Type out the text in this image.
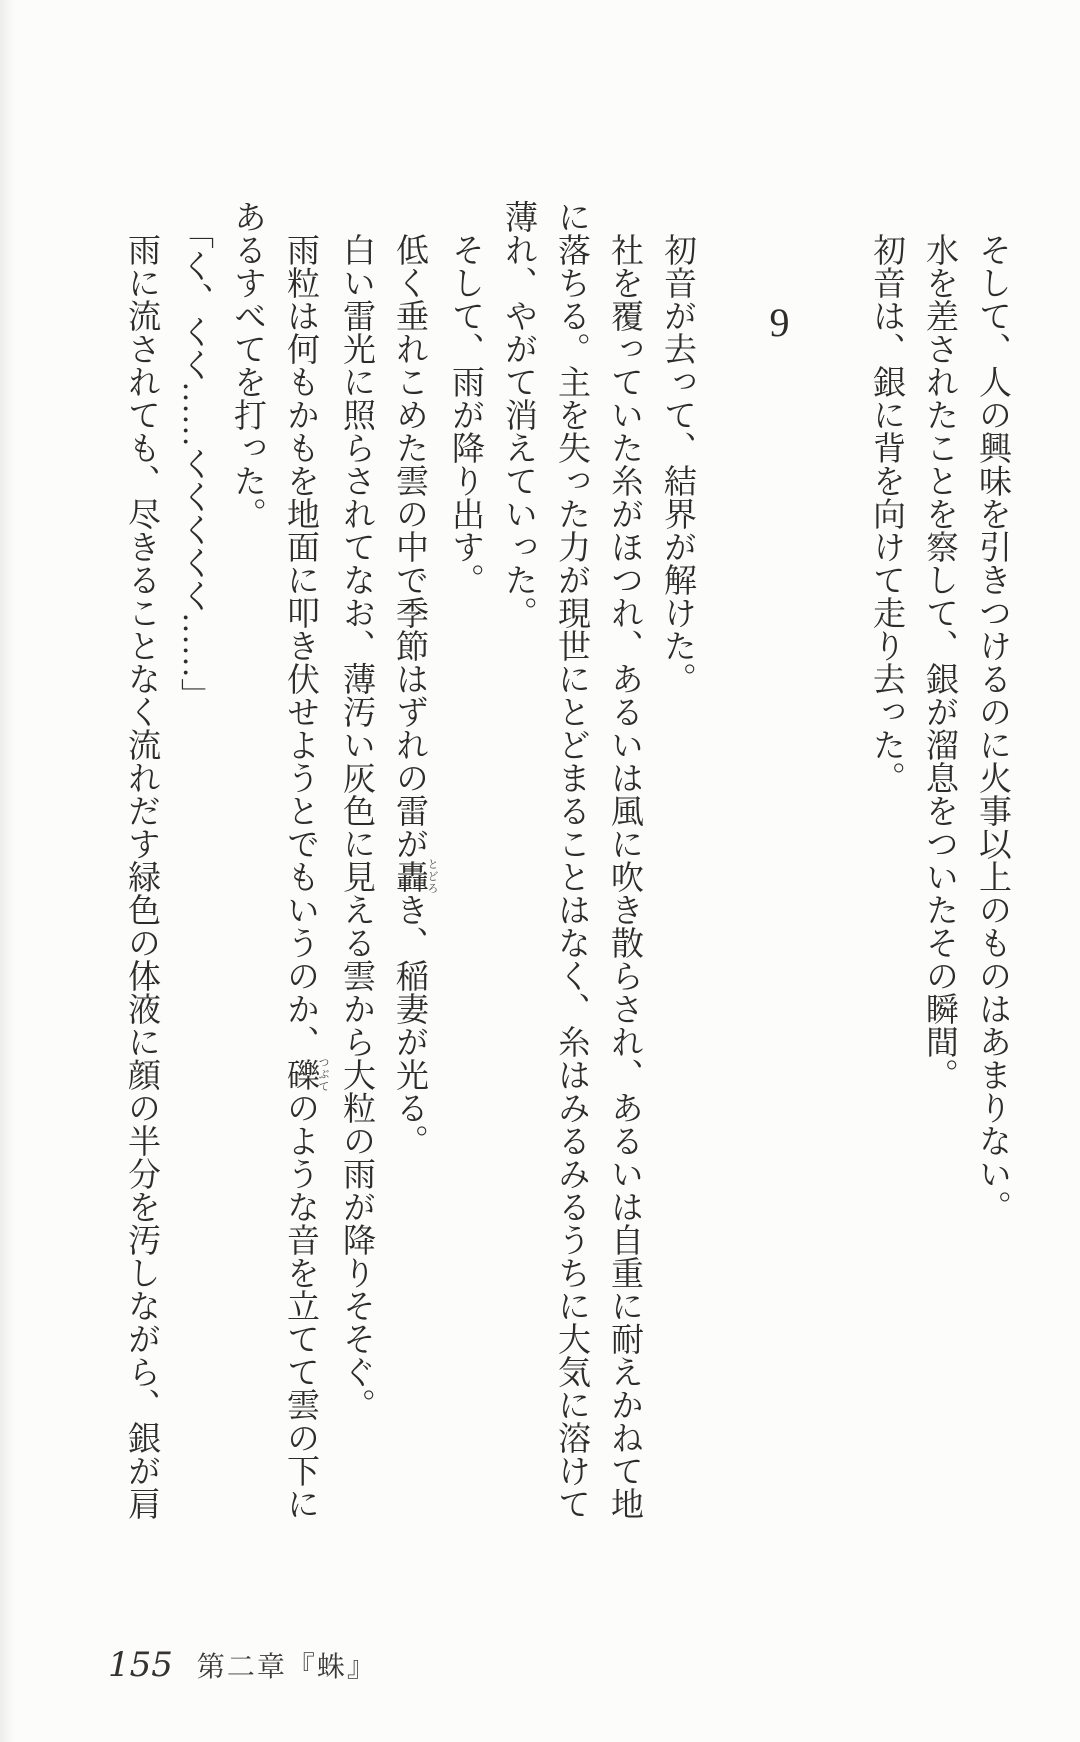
そして、人の興味を引きつけるのに火事以上のものはあまりない。

水を差されたことを察して、銀が溜息をついたその瞬間。

初音は、銀に背を向けて走り去った。

9

初音が去って、結界が解けた。

社を覆っていた糸がほつれ、あるいは風に吹き散らされ、あるいは自重に耐えかねて地に落ちる。主を失った力が現世にとどまることはなく、糸はみるみるうちに大気に溶けて薄れ、やがて消えていった。

そして、雨が降り出す。

低く垂れこめた雲の中で季節はずれの雷が轟 とどろき、稲妻が光る。

白い雷光に照らされてなお、薄汚い灰色に見える雲から大粒の雨が降りそそぐ。

雨粒は何もかもを地面に叩き伏せようとでもいうのか、礫 つぶてのような音を立てて雲の下にあるすべてを打った。

「く、くく……くくくくく……」

雨に流されても、尽きることなく流れだす緑色の体液に顔の半分を汚しながら、銀が肩

155 第二章『蛛』
